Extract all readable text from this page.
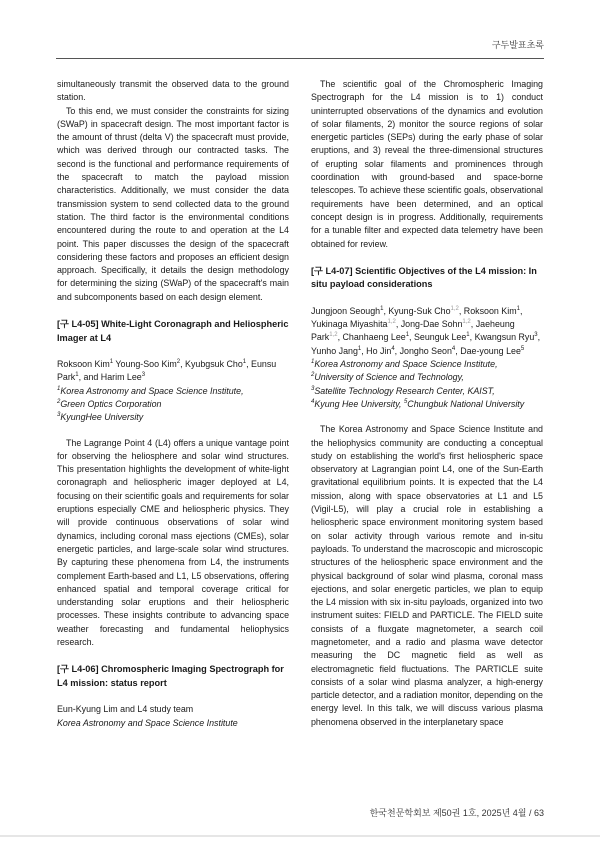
구두발표초록

simultaneously transmit the observed data to the ground station.

To this end, we must consider the constraints for sizing (SWaP) in spacecraft design. The most important factor is the amount of thrust (delta V) the spacecraft must provide, which was derived through our contracted tasks. The second is the functional and performance requirements of the spacecraft to match the payload mission characteristics. Additionally, we must consider the data transmission system to send collected data to the ground station. The third factor is the environmental conditions encountered during the route to and operation at the L4 point. This paper discusses the design of the spacecraft considering these factors and proposes an efficient design approach. Specifically, it details the design methodology for determining the sizing (SWaP) of the spacecraft's main and subcomponents based on each design element.

[구 L4-05] White-Light Coronagraph and Heliospheric Imager at L4

Roksoon Kim$^1$ Young-Soo Kim$^2$, Kyubgsuk Cho$^1$, Eunsu Park$^1$, and Harim Lee$^3$

$^1$Korea Astronomy and Space Science Institute,

$^2$Green Optics Corporation

$^3$KyungHee University

The Lagrange Point 4 (L4) offers a unique vantage point for observing the heliosphere and solar wind structures. This presentation highlights the development of white-light coronagraph and heliospheric imager deployed at L4, focusing on their scientific goals and requirements for solar eruptions especially CME and heliospheric physics. They will provide continuous observations of solar wind dynamics, including coronal mass ejections (CMEs), solar energetic particles, and large-scale solar wind structures. By capturing these phenomena from L4, the instruments complement Earth-based and L1, L5 observations, offering enhanced spatial and temporal coverage critical for understanding solar eruptions and their heliospheric processes. These insights contribute to advancing space weather forecasting and fundamental heliophysics research.

[구 L4-06] Chromospheric Imaging Spectrograph for L4 mission: status report

Eun-Kyung Lim and L4 study team

Korea Astronomy and Space Science Institute

The scientific goal of the Chromospheric Imaging Spectrograph for the L4 mission is to 1) conduct uninterrupted observations of the dynamics and evolution of solar filaments, 2) monitor the source regions of solar energetic particles (SEPs) during the early phase of solar eruptions, and 3) reveal the three-dimensional structures of erupting solar filaments and prominences through coordination with ground-based and space-borne telescopes. To achieve these scientific goals, observational requirements have been determined, and an optical concept design is in progress. Additionally, requirements for a tunable filter and expected data telemetry have been obtained for review.

[구 L4-07] Scientific Objectives of the L4 mission: In situ payload considerations

Jungjoon Seough$^1$, Kyung-Suk Cho$^{1,2}$, Roksoon Kim$^1$, Yukinaga Miyashita$^{1,2}$, Jong-Dae Sohn$^{1,2}$, Jaeheung Park$^{1,2}$, Chanhaeng Lee$^1$, Seunguk Lee$^1$, Kwangsun Ryu$^3$, Yunho Jang$^1$, Ho Jin$^4$, Jongho Seon$^4$, Dae-young Lee$^5$

$^1$Korea Astronomy and Space Science Institute,

$^2$University of Science and Technology,

$^3$Satellite Technology Research Center, KAIST,

$^4$Kyung Hee University, $^5$Chungbuk National University

The Korea Astronomy and Space Science Institute and the heliophysics community are conducting a conceptual study on establishing the world's first heliospheric space observatory at Lagrangian point L4, one of the Sun-Earth gravitational equilibrium points. It is expected that the L4 mission, along with space observatories at L1 and L5 (Vigil-L5), will play a crucial role in establishing a heliospheric space environment monitoring system based on solar activity through various remote and in-situ payloads. To understand the macroscopic and microscopic structures of the heliospheric space environment and the physical background of solar wind plasma, coronal mass ejections, and solar energetic particles, we plan to equip the L4 mission with six in-situ payloads, organized into two instrument suites: FIELD and PARTICLE. The FIELD suite consists of a fluxgate magnetometer, a search coil magnetometer, and a radio and plasma wave detector measuring the DC magnetic field as well as electromagnetic field fluctuations. The PARTICLE suite consists of a solar wind plasma analyzer, a high-energy particle detector, and a radiation monitor, depending on the energy level. In this talk, we will discuss various plasma phenomena observed in the interplanetary space

한국천문학회보 제50권 1호, 2025년 4월 / 63
